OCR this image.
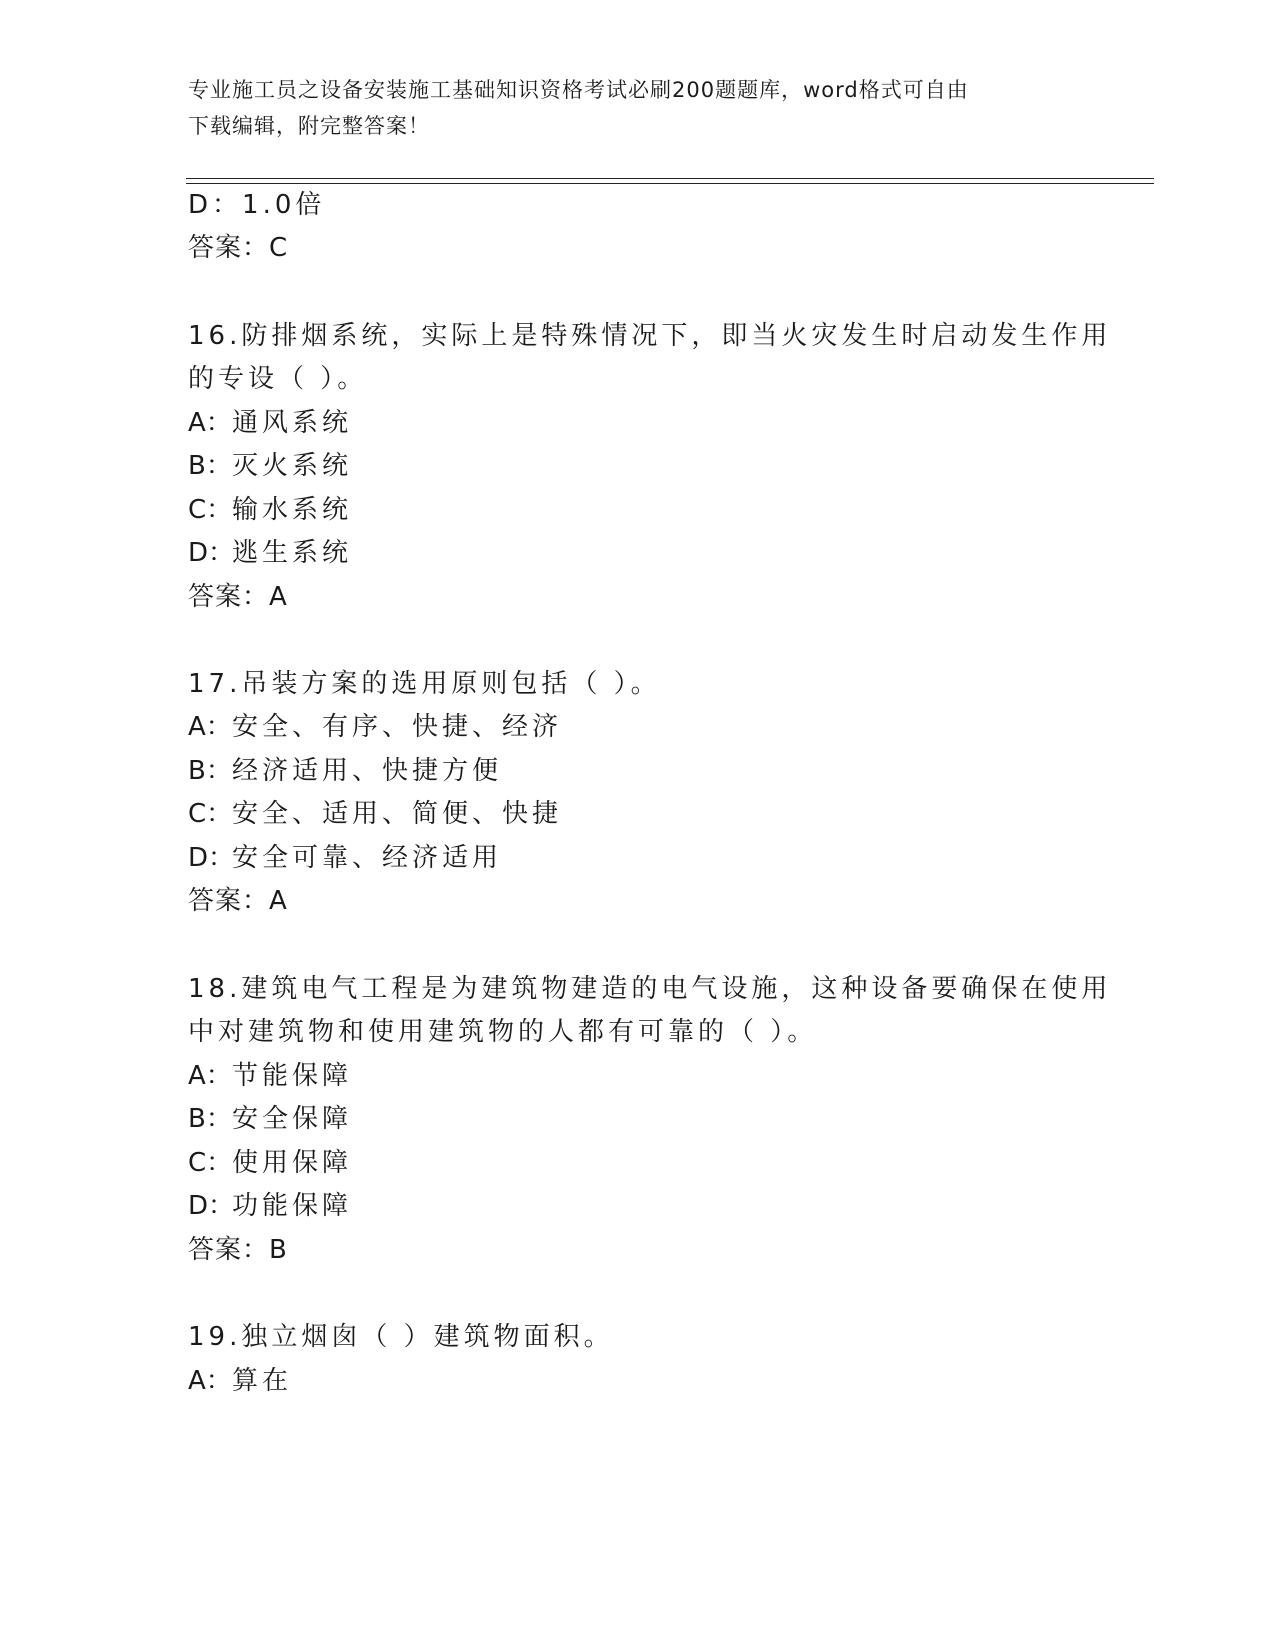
专业施工员之设备安装施工基础知识资格考试必刷200题题库，word格式可自由
下载编辑，附完整答案！
D：1.0倍
答案：C
16.防排烟系统，实际上是特殊情况下，即当火灾发生时启动发生作用
的专设（ ）。
A：通风系统
B：灭火系统
C：输水系统
D：逃生系统
答案：A
17.吊装方案的选用原则包括（ ）。
A：安全、有序、快捷、经济
B：经济适用、快捷方便
C：安全、适用、简便、快捷
D：安全可靠、经济适用
答案：A
18.建筑电气工程是为建筑物建造的电气设施，这种设备要确保在使用
中对建筑物和使用建筑物的人都有可靠的（ ）。
A：节能保障
B：安全保障
C：使用保障
D：功能保障
答案：B
19.独立烟囱（ ）建筑物面积。
A：算在
